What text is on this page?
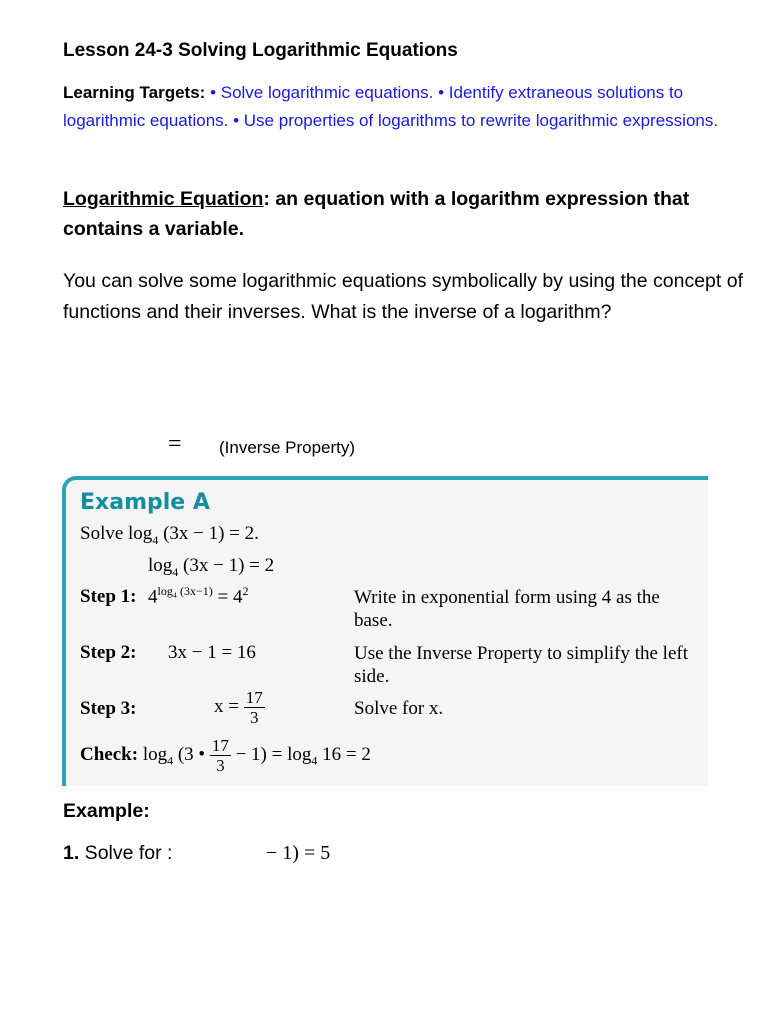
Lesson 24-3 Solving Logarithmic Equations
Learning Targets: • Solve logarithmic equations. • Identify extraneous solutions to logarithmic equations. • Use properties of logarithms to rewrite logarithmic expressions.
Logarithmic Equation: an equation with a logarithm expression that contains a variable.
You can solve some logarithmic equations symbolically by using the concept of functions and their inverses. What is the inverse of a logarithm?
= (Inverse Property)
Example A
Solve $\log_4 (3x - 1) = 2$.
$\log_4 (3x - 1) = 2$
Step 1: $4^{log_4 (3x-1)} = 4^2$	Write in exponential form using 4 as the base.
Step 2: 3x − 1 = 16	Use the Inverse Property to simplify the left side.
Step 3:	$x = \frac{17}{3}$	Solve for x.
Check: $\log_4 (3$ • $\frac{17}{3} - 1) = \log_4 16 = 2$
Example:
1. Solve for :	− 1) = 5
